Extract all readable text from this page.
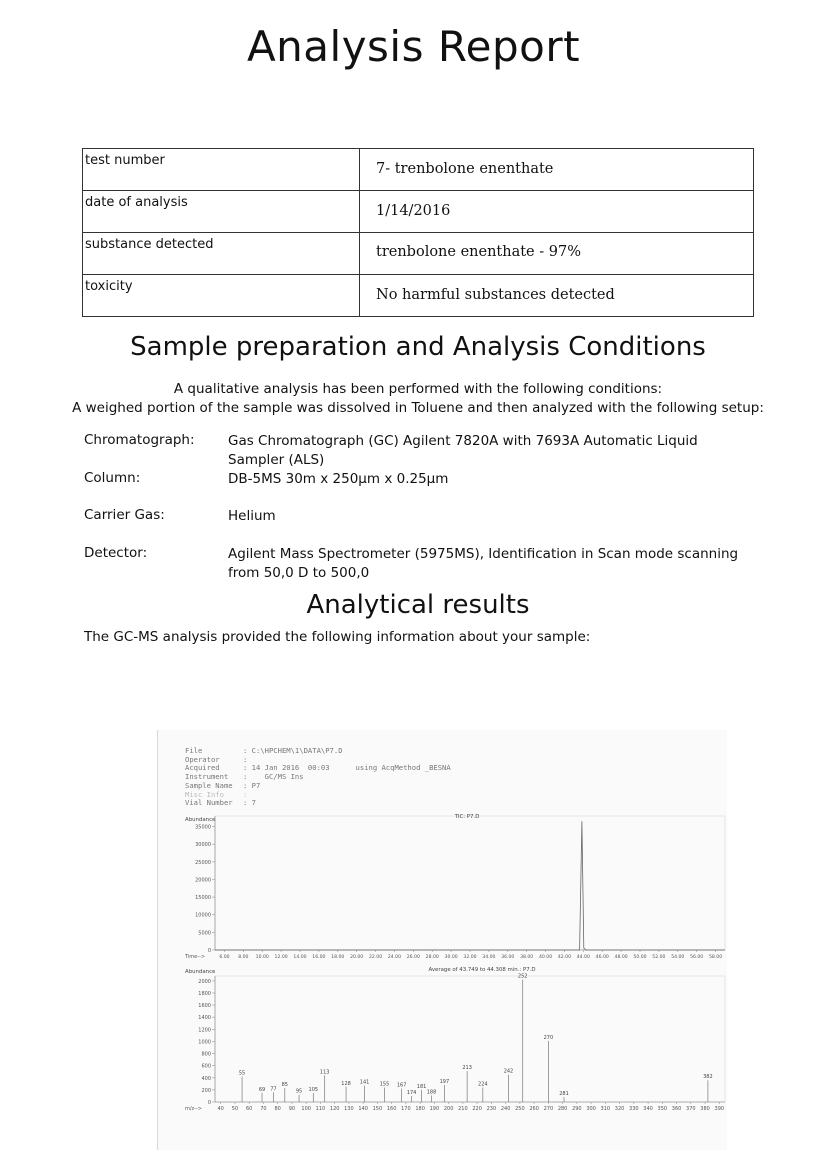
Analysis Report
test number	7- trenbolone enenthate
date of analysis	1/14/2016
substance detected	trenbolone enenthate - 97%
toxicity	No harmful substances detected
Sample preparation and Analysis Conditions
A qualitative analysis has been performed with the following conditions:
A weighed portion of the sample was dissolved in Toluene and then analyzed with the following setup:
Chromatograph: Gas Chromatograph (GC) Agilent 7820A with 7693A Automatic Liquid Sampler (ALS)
Column:	DB-5MS 30m x 250µm x 0.25µm
Carrier Gas:	Helium
Detector:	Agilent Mass Spectrometer (5975MS), Identification in Scan mode scanning from 50,0 D to 500,0
Analytical results
The GC-MS analysis provided the following information about your sample:
File	: C:\HPCHEM\1\DATA\P7.D
Operator	:
Acquired	: 14 Jan 2016  00:03      using AcqMethod _BESNA
Instrument :    GC/MS Ins
Sample Name : P7
Misc Info	:
Vial Number : 7
Abundance	TIC: P7.D
35000
30000
25000
20000
15000
10000
5000
0
6.00 8.00 10.00 12.00 14.00 16.00 18.00 20.00 22.00 24.00 26.00 28.00 30.00 32.00 34.00 36.00 38.00 40.00 42.00 44.00 46.00 48.00 50.00 52.00 54.00 56.00 58.00
Time-->
Abundance	Average of 43.749 to 44.308 min.: P7.D
2000
1800
1600
1400
1200
1000
800
600
400
200
0
40 50 60 70 80 90 100 110 120 130 140 150 160 170 180 190 200 210 220 230 240 250 260 270 280 290 300 310 320 330 340 350 360 370 380 390
m/z-->
55
69 77
85
95 105
113
128 141 155 167
174
181
188
197
213
224
242
252
270
281
382
